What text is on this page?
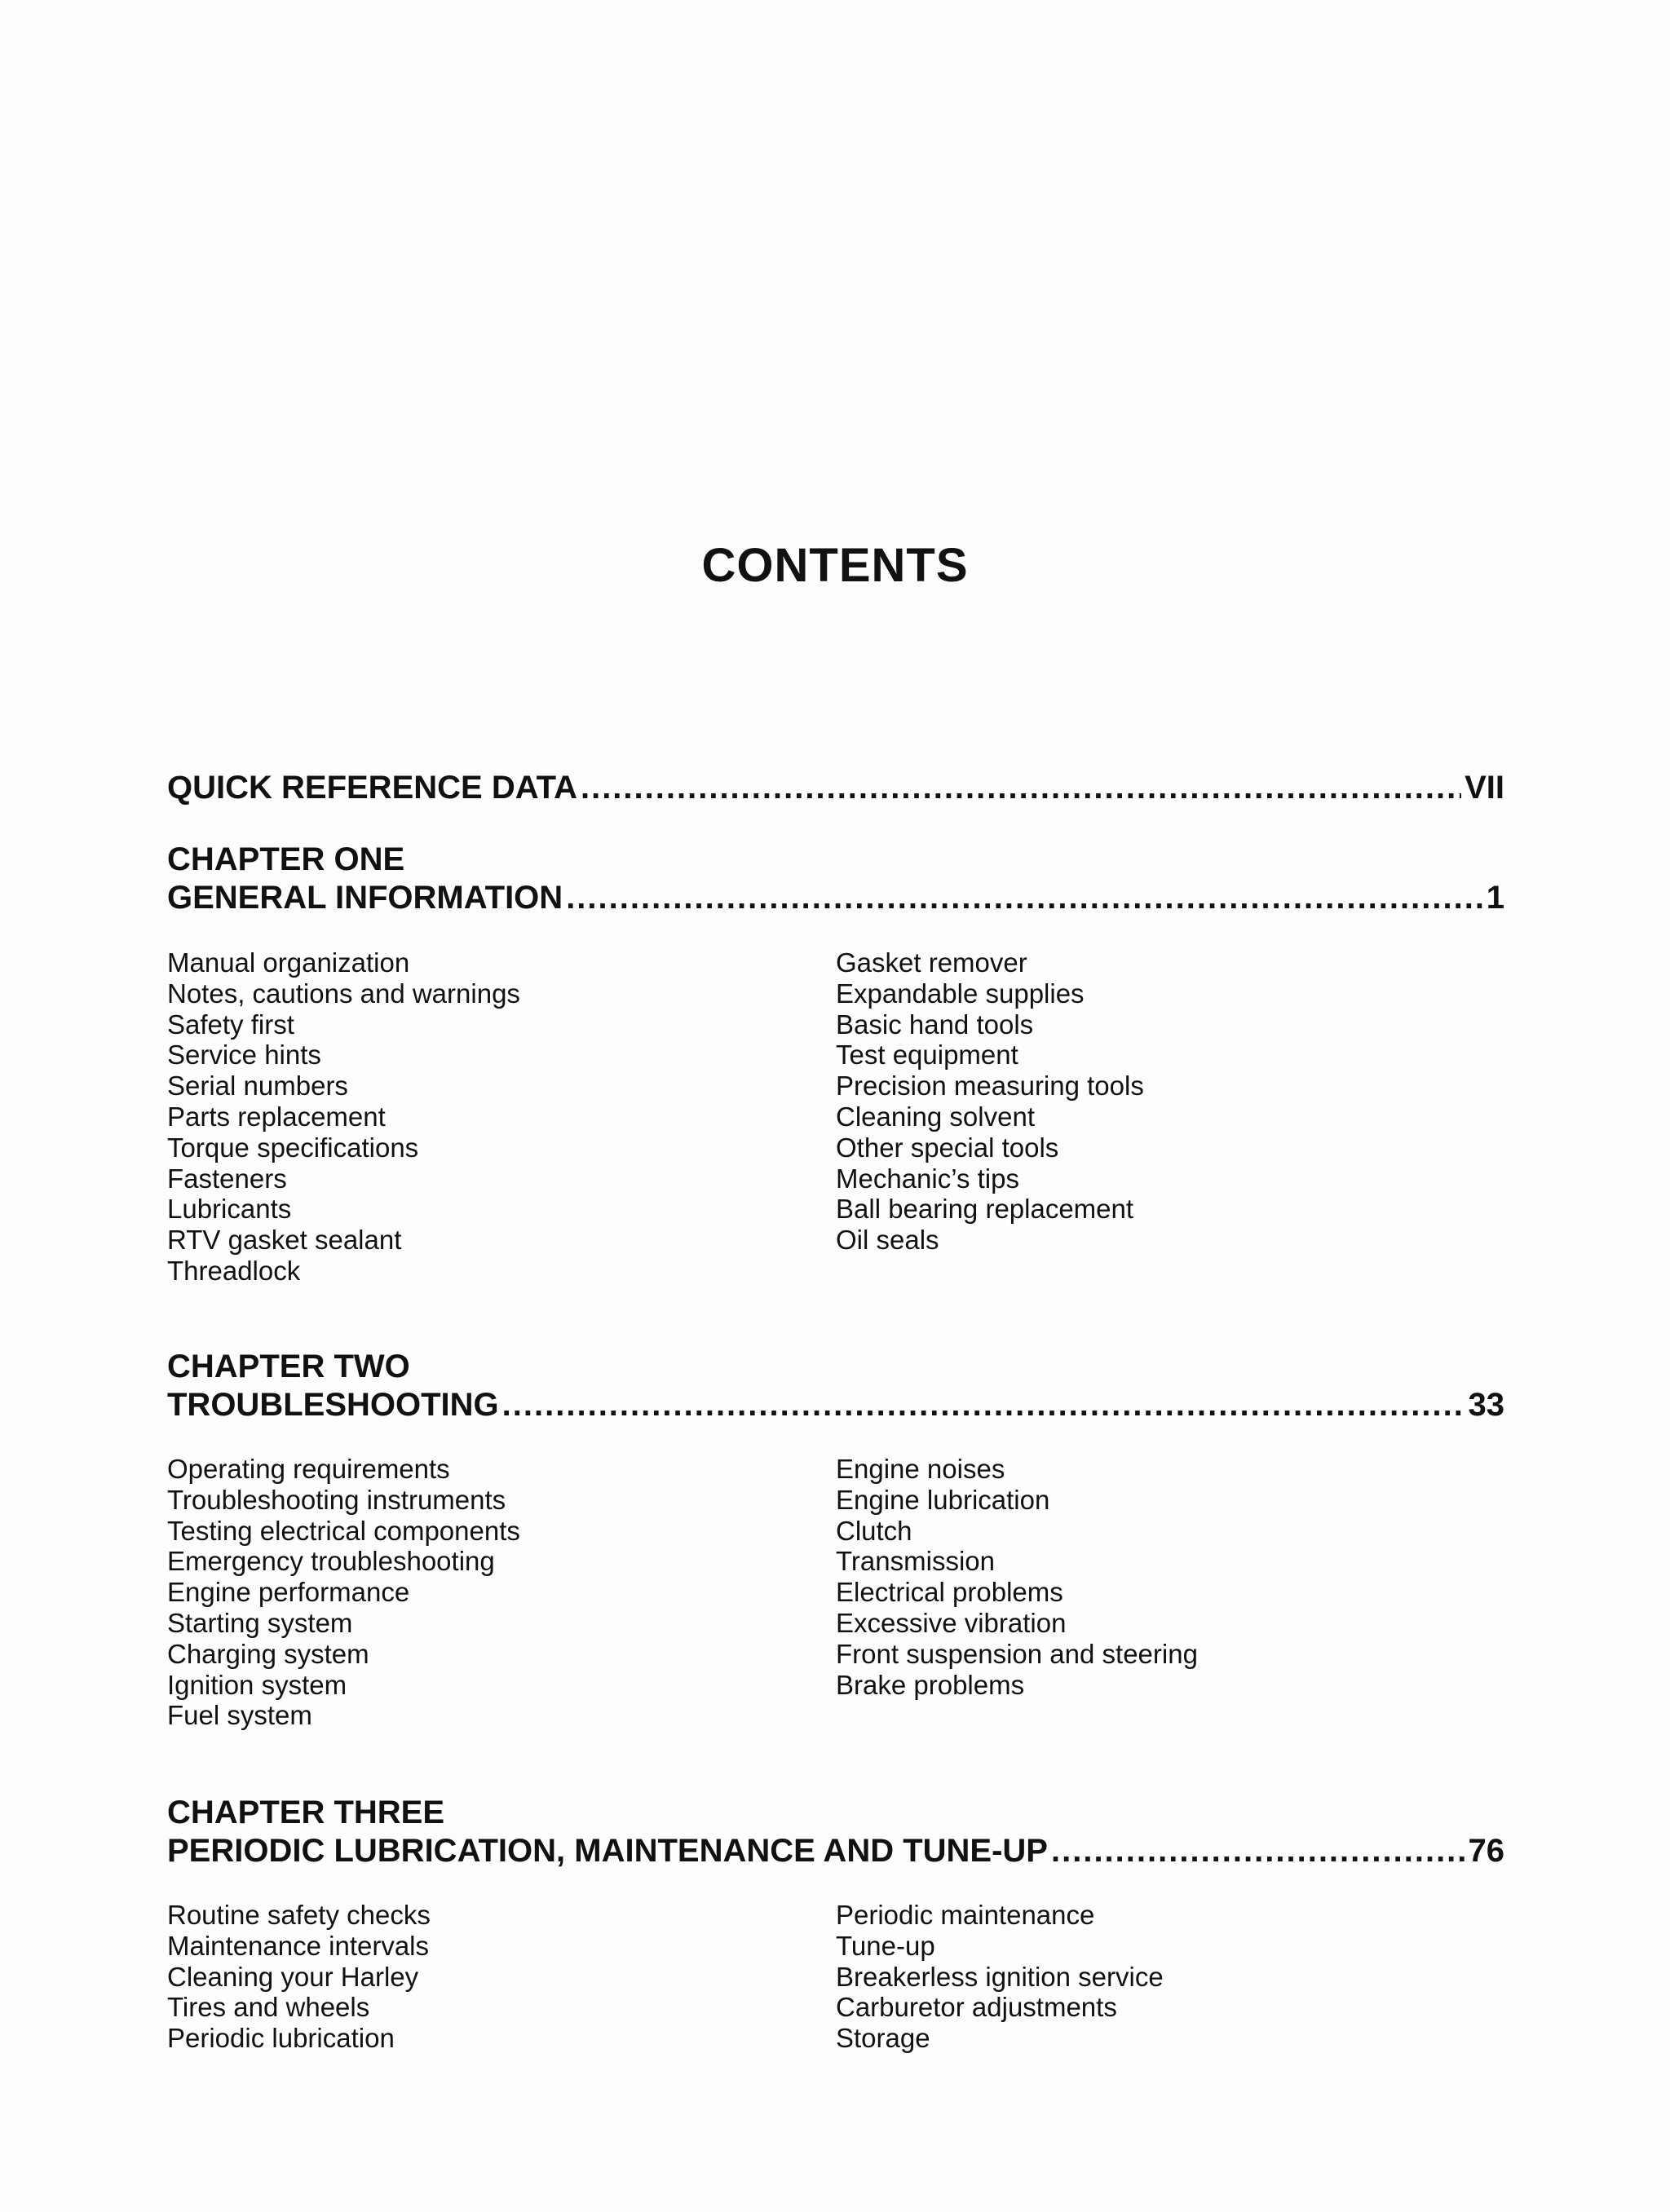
CONTENTS
QUICK REFERENCE DATA .....	VII
CHAPTER ONE
GENERAL INFORMATION .....	1
Manual organization
Notes, cautions and warnings
Safety first
Service hints
Serial numbers
Parts replacement
Torque specifications
Fasteners
Lubricants
RTV gasket sealant
Threadlock
Gasket remover
Expandable supplies
Basic hand tools
Test equipment
Precision measuring tools
Cleaning solvent
Other special tools
Mechanic’s tips
Ball bearing replacement
Oil seals
CHAPTER TWO
TROUBLESHOOTING .....	33
Operating requirements
Troubleshooting instruments
Testing electrical components
Emergency troubleshooting
Engine performance
Starting system
Charging system
Ignition system
Fuel system
Engine noises
Engine lubrication
Clutch
Transmission
Electrical problems
Excessive vibration
Front suspension and steering
Brake problems
CHAPTER THREE
PERIODIC LUBRICATION, MAINTENANCE AND TUNE-UP .....	76
Routine safety checks
Maintenance intervals
Cleaning your Harley
Tires and wheels
Periodic lubrication
Periodic maintenance
Tune-up
Breakerless ignition service
Carburetor adjustments
Storage
